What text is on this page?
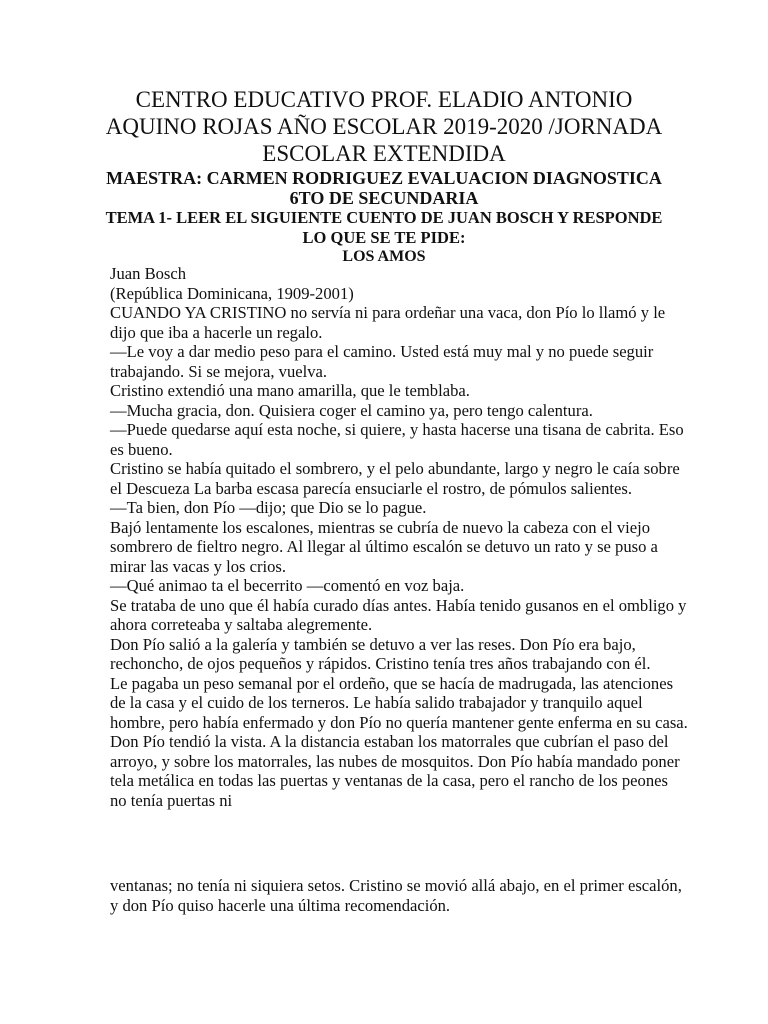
CENTRO EDUCATIVO PROF. ELADIO ANTONIO AQUINO ROJAS AÑO ESCOLAR 2019-2020 /JORNADA ESCOLAR EXTENDIDA

MAESTRA: CARMEN RODRIGUEZ EVALUACION DIAGNOSTICA 6TO DE SECUNDARIA

TEMA 1- LEER EL SIGUIENTE CUENTO DE JUAN BOSCH Y RESPONDE LO QUE SE TE PIDE:

LOS AMOS

Juan Bosch

(República Dominicana, 1909-2001)

CUANDO YA CRISTINO no servía ni para ordeñar una vaca, don Pío lo llamó y le dijo que iba a hacerle un regalo.

—Le voy a dar medio peso para el camino. Usted está muy mal y no puede seguir trabajando. Si se mejora, vuelva.

Cristino extendió una mano amarilla, que le temblaba.

—Mucha gracia, don. Quisiera coger el camino ya, pero tengo calentura.

—Puede quedarse aquí esta noche, si quiere, y hasta hacerse una tisana de cabrita. Eso es bueno.

Cristino se había quitado el sombrero, y el pelo abundante, largo y negro le caía sobre el Descueza La barba escasa parecía ensuciarle el rostro, de pómulos salientes.

—Ta bien, don Pío —dijo; que Dio se lo pague.

Bajó lentamente los escalones, mientras se cubría de nuevo la cabeza con el viejo sombrero de fieltro negro. Al llegar al último escalón se detuvo un rato y se puso a mirar las vacas y los crios.

—Qué animao ta el becerrito —comentó en voz baja.

Se trataba de uno que él había curado días antes. Había tenido gusanos en el ombligo y ahora correteaba y saltaba alegremente.

Don Pío salió a la galería y también se detuvo a ver las reses. Don Pío era bajo, rechoncho, de ojos pequeños y rápidos. Cristino tenía tres años trabajando con él.

Le pagaba un peso semanal por el ordeño, que se hacía de madrugada, las atenciones de la casa y el cuido de los terneros. Le había salido trabajador y tranquilo aquel hombre, pero había enfermado y don Pío no quería mantener gente enferma en su casa.

Don Pío tendió la vista. A la distancia estaban los matorrales que cubrían el paso del arroyo, y sobre los matorrales, las nubes de mosquitos. Don Pío había mandado poner tela metálica en todas las puertas y ventanas de la casa, pero el rancho de los peones no tenía puertas ni

ventanas; no tenía ni siquiera setos. Cristino se movió allá abajo, en el primer escalón, y don Pío quiso hacerle una última recomendación.
